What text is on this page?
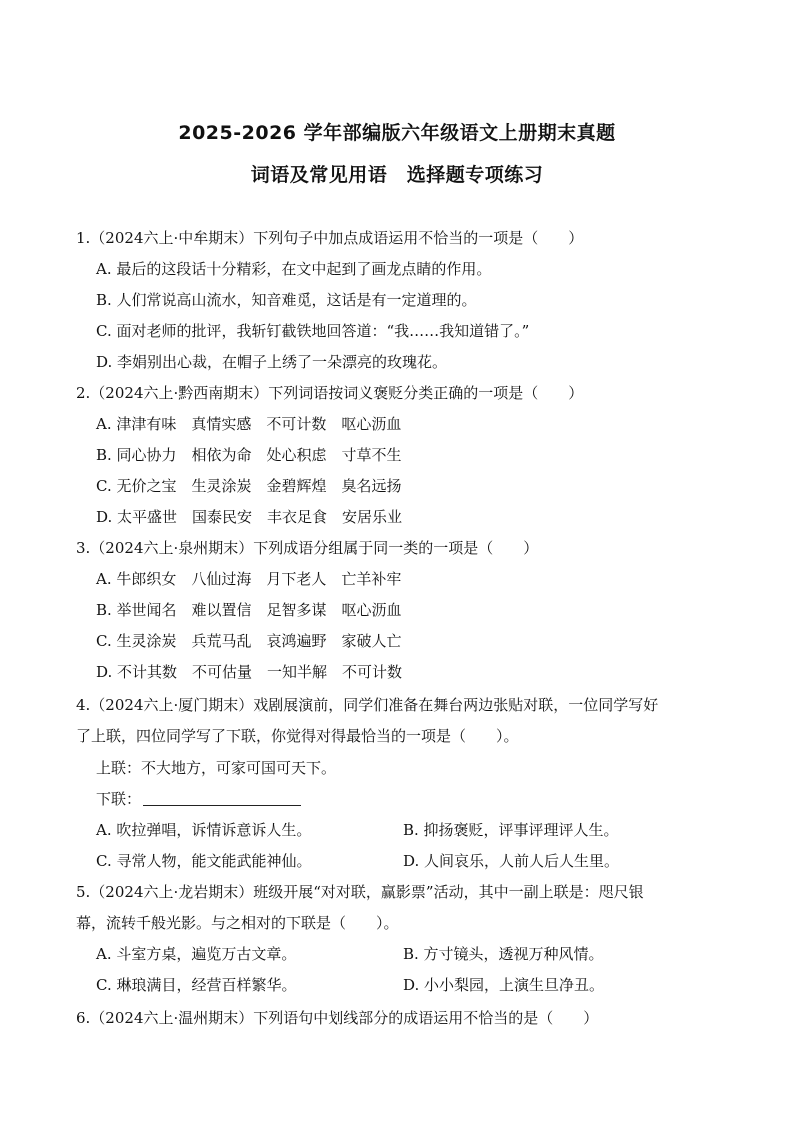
2025-2026 学年部编版六年级语文上册期末真题
词语及常见用语　选择题专项练习
1.（2024六上·中牟期末）下列句子中加点成语运用不恰当的一项是（　　）
A. 最后的这段话十分精彩，在文中起到了画龙点睛的作用。
B. 人们常说高山流水，知音难觅，这话是有一定道理的。
C. 面对老师的批评，我斩钉截铁地回答道：“我……我知道错了。”
D. 李娟别出心裁，在帽子上绣了一朵漂亮的玫瑰花。
2.（2024六上·黔西南期末）下列词语按词义褒贬分类正确的一项是（　　）
A. 津津有味　真情实感　不可计数　呕心沥血
B. 同心协力　相依为命　处心积虑　寸草不生
C. 无价之宝　生灵涂炭　金碧辉煌　臭名远扬
D. 太平盛世　国泰民安　丰衣足食　安居乐业
3.（2024六上·泉州期末）下列成语分组属于同一类的一项是（　　）
A. 牛郎织女　八仙过海　月下老人　亡羊补牢
B. 举世闻名　难以置信　足智多谋　呕心沥血
C. 生灵涂炭　兵荒马乱　哀鸿遍野　家破人亡
D. 不计其数　不可估量　一知半解　不可计数
4.（2024六上·厦门期末）戏剧展演前，同学们准备在舞台两边张贴对联，一位同学写好
了上联，四位同学写了下联，你觉得对得最恰当的一项是（　　）。
上联：不大地方，可家可国可天下。
下联：
A. 吹拉弹唱，诉情诉意诉人生。	B. 抑扬褒贬，评事评理评人生。
C. 寻常人物，能文能武能神仙。	D. 人间哀乐，人前人后人生里。
5.（2024六上·龙岩期末）班级开展“对对联，赢影票”活动，其中一副上联是：咫尺银
幕，流转千般光影。与之相对的下联是（　　）。
A. 斗室方桌，遍览万古文章。	B. 方寸镜头，透视万种风情。
C. 琳琅满目，经营百样繁华。	D. 小小梨园，上演生旦净丑。
6.（2024六上·温州期末）下列语句中划线部分的成语运用不恰当的是（　　）
